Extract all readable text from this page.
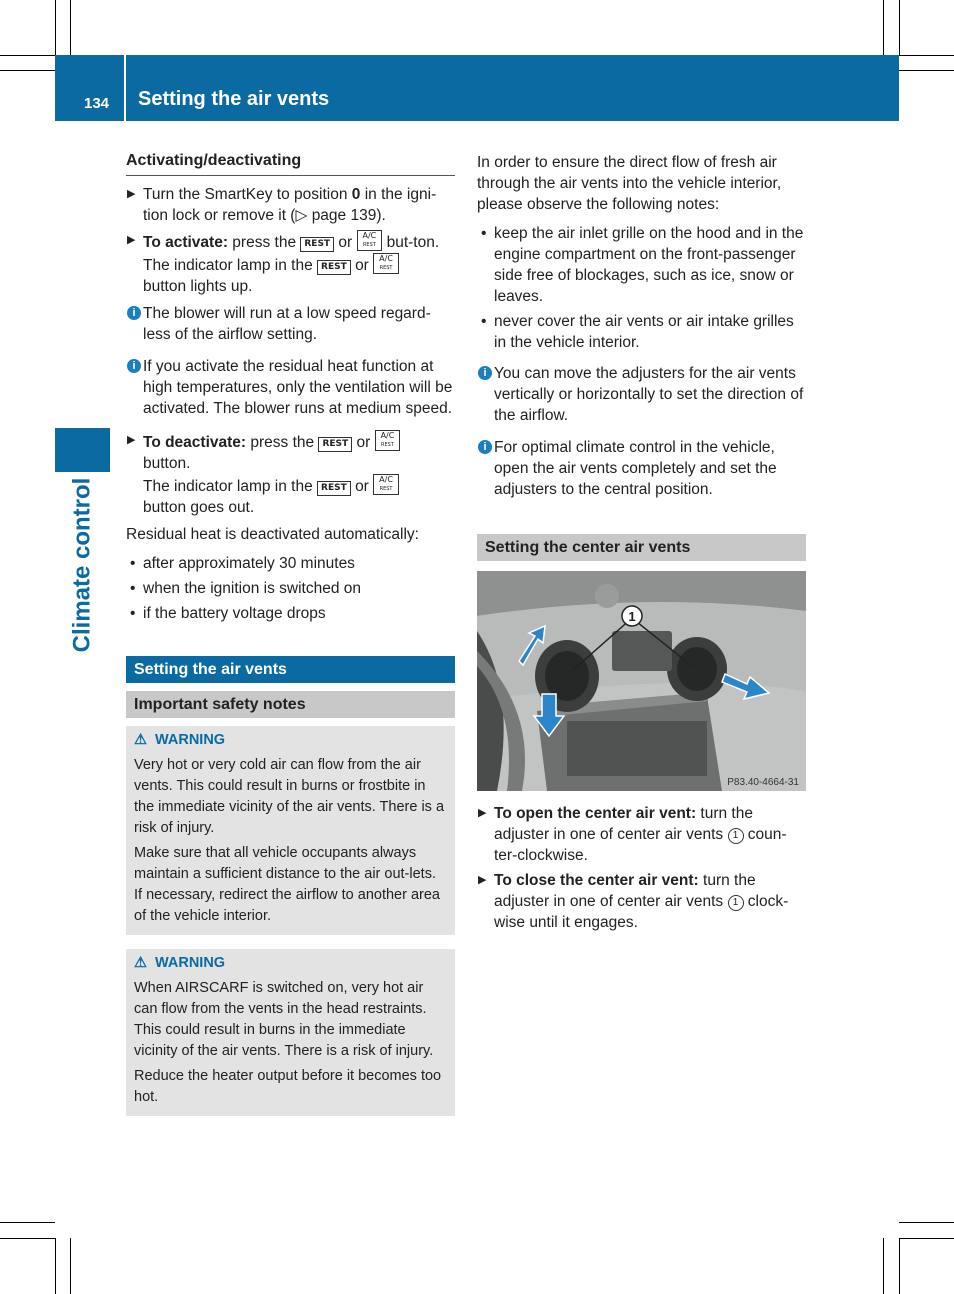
134 Setting the air vents
Climate control
Activating/deactivating
▶ Turn the SmartKey to position 0 in the igni-tion lock or remove it (▷ page 139).
▶ To activate: press the REST or A/C
REST but-ton.
The indicator lamp in the REST or A/C
REST
button lights up.
i The blower will run at a low speed regard-less of the airflow setting.
i If you activate the residual heat function at high temperatures, only the ventilation will be activated. The blower runs at medium speed.
▶ To deactivate: press the REST or A/C
REST
button.
The indicator lamp in the REST or A/C
REST
button goes out.

Residual heat is deactivated automatically:

• after approximately 30 minutes
• when the ignition is switched on
• if the battery voltage drops
Setting the air vents
Important safety notes
⚠ WARNING

Very hot or very cold air can flow from the air vents. This could result in burns or frostbite in the immediate vicinity of the air vents. There is a risk of injury.

Make sure that all vehicle occupants always maintain a sufficient distance to the air out-lets. If necessary, redirect the airflow to another area of the vehicle interior.

⚠ WARNING

When AIRSCARF is switched on, very hot air can flow from the vents in the head restraints. This could result in burns in the immediate vicinity of the air vents. There is a risk of injury.

Reduce the heater output before it becomes too hot.

In order to ensure the direct flow of fresh air through the air vents into the vehicle interior, please observe the following notes:

• keep the air inlet grille on the hood and in the engine compartment on the front-passenger side free of blockages, such as ice, snow or leaves.
• never cover the air vents or air intake grilles in the vehicle interior.
i You can move the adjusters for the air vents vertically or horizontally to set the direction of the airflow.
i For optimal climate control in the vehicle, open the air vents completely and set the adjusters to the central position.
Setting the center air vents
1
P83.40-4664-31
▶ To open the center air vent: turn the adjuster in one of center air vents 1 coun-ter-clockwise.
▶ To close the center air vent: turn the adjuster in one of center air vents 1 clock-wise until it engages.
